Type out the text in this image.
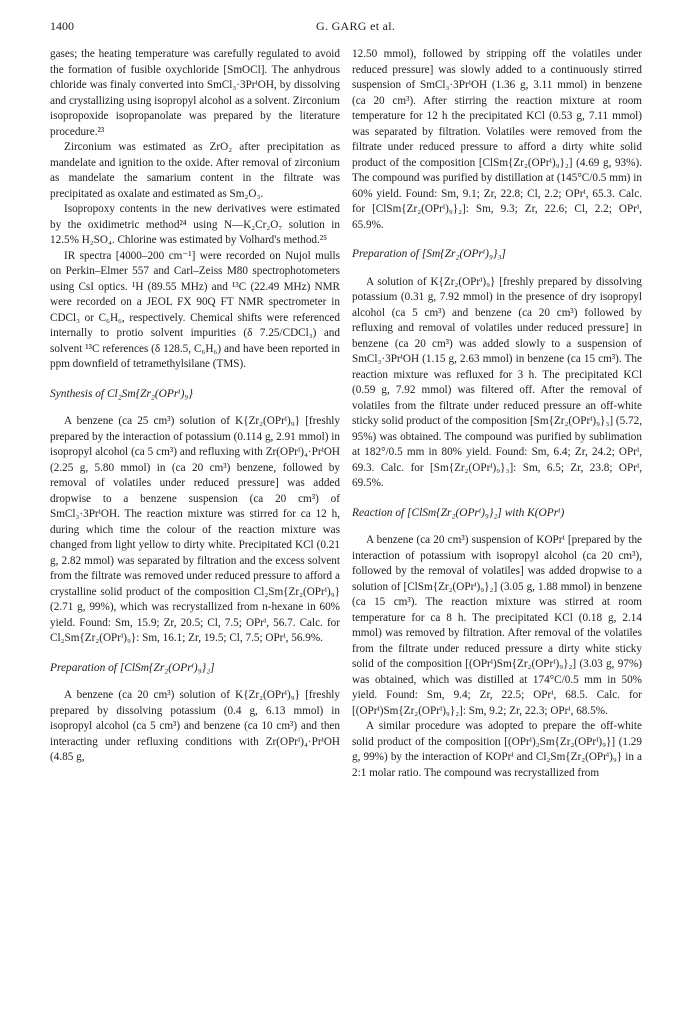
1400	G. GARG et al.

gases; the heating temperature was carefully regulated to avoid the formation of fusible oxychloride [SmOCl]. The anhydrous chloride was finaly converted into SmCl₃·3PrⁱOH, by dissolving and crystallizing using isopropyl alcohol as a solvent. Zirconium isopropoxide isopropanolate was prepared by the literature procedure.²³

Zirconium was estimated as ZrO₂ after precipitation as mandelate and ignition to the oxide. After removal of zirconium as mandelate the samarium content in the filtrate was precipitated as oxalate and estimated as Sm₂O₃.

Isopropoxy contents in the new derivatives were estimated by the oxidimetric method²⁴ using N—K₂Cr₂O₇ solution in 12.5% H₂SO₄. Chlorine was estimated by Volhard's method.²⁵

IR spectra [4000–200 cm⁻¹] were recorded on Nujol mulls on Perkin–Elmer 557 and Carl–Zeiss M80 spectrophotometers using CsI optics. ¹H (89.55 MHz) and ¹³C (22.49 MHz) NMR were recorded on a JEOL FX 90Q FT NMR spectrometer in CDCl₃ or C₆H₆, respectively. Chemical shifts were referenced internally to protio solvent impurities (δ 7.25/CDCl₃) and solvent ¹³C references (δ 128.5, C₆H₆) and have been reported in ppm downfield of tetramethylsilane (TMS).

Synthesis of Cl₂Sm{Zr₂(OPrⁱ)₉}

A benzene (ca 25 cm³) solution of K{Zr₂(OPrⁱ)₉} [freshly prepared by the interaction of potassium (0.114 g, 2.91 mmol) in isopropyl alcohol (ca 5 cm³) and refluxing with Zr(OPrⁱ)₄·PrⁱOH (2.25 g, 5.80 mmol) in (ca 20 cm³) benzene, followed by removal of volatiles under reduced pressure] was added dropwise to a benzene suspension (ca 20 cm³) of SmCl₃·3PrⁱOH. The reaction mixture was stirred for ca 12 h, during which time the colour of the reaction mixture was changed from light yellow to dirty white. Precipitated KCl (0.21 g, 2.82 mmol) was separated by filtration and the excess solvent from the filtrate was removed under reduced pressure to afford a crystalline solid product of the composition Cl₂Sm{Zr₂(OPrⁱ)₉} (2.71 g, 99%), which was recrystallized from n-hexane in 60% yield. Found: Sm, 15.9; Zr, 20.5; Cl, 7.5; OPrⁱ, 56.7. Calc. for Cl₂Sm{Zr₂(OPrⁱ)₉}: Sm, 16.1; Zr, 19.5; Cl, 7.5; OPrⁱ, 56.9%.

Preparation of [ClSm{Zr₂(OPrⁱ)₉}₂]

A benzene (ca 20 cm³) solution of K{Zr₂(OPrⁱ)₉} [freshly prepared by dissolving potassium (0.4 g, 6.13 mmol) in isopropyl alcohol (ca 5 cm³) and benzene (ca 10 cm³) and then interacting under refluxing conditions with Zr(OPrⁱ)₄·PrⁱOH (4.85 g,

12.50 mmol), followed by stripping off the volatiles under reduced pressure] was slowly added to a continuously stirred suspension of SmCl₃·3PrⁱOH (1.36 g, 3.11 mmol) in benzene (ca 20 cm³). After stirring the reaction mixture at room temperature for 12 h the precipitated KCl (0.53 g, 7.11 mmol) was separated by filtration. Volatiles were removed from the filtrate under reduced pressure to afford a dirty white solid product of the composition [ClSm{Zr₂(OPrⁱ)₉}₂] (4.69 g, 93%). The compound was purified by distillation at (145°C/0.5 mm) in 60% yield. Found: Sm, 9.1; Zr, 22.8; Cl, 2.2; OPrⁱ, 65.3. Calc. for [ClSm{Zr₂(OPrⁱ)₉}₂]: Sm, 9.3; Zr, 22.6; Cl, 2.2; OPrⁱ, 65.9%.

Preparation of [Sm{Zr₂(OPrⁱ)₉}₃]

A solution of K{Zr₂(OPrⁱ)₉} [freshly prepared by dissolving potassium (0.31 g, 7.92 mmol) in the presence of dry isopropyl alcohol (ca 5 cm³) and benzene (ca 20 cm³) followed by refluxing and removal of volatiles under reduced pressure] in benzene (ca 20 cm³) was added slowly to a suspension of SmCl₃·3PrⁱOH (1.15 g, 2.63 mmol) in benzene (ca 15 cm³). The reaction mixture was refluxed for 3 h. The precipitated KCl (0.59 g, 7.92 mmol) was filtered off. After the removal of volatiles from the filtrate under reduced pressure an off-white sticky solid product of the composition [Sm{Zr₂(OPrⁱ)₉}₃] (5.72, 95%) was obtained. The compound was purified by sublimation at 182°/0.5 mm in 80% yield. Found: Sm, 6.4; Zr, 24.2; OPrⁱ, 69.3. Calc. for [Sm{Zr₂(OPrⁱ)₉}₃]: Sm, 6.5; Zr, 23.8; OPrⁱ, 69.5%.

Reaction of [ClSm{Zr₂(OPrⁱ)₉}₂] with K(OPrⁱ)

A benzene (ca 20 cm³) suspension of KOPrⁱ [prepared by the interaction of potassium with isopropyl alcohol (ca 20 cm³), followed by the removal of volatiles] was added dropwise to a solution of [ClSm{Zr₂(OPrⁱ)₉}₂] (3.05 g, 1.88 mmol) in benzene (ca 15 cm³). The reaction mixture was stirred at room temperature for ca 8 h. The precipitated KCl (0.18 g, 2.14 mmol) was removed by filtration. After removal of the volatiles from the filtrate under reduced pressure a dirty white sticky solid of the composition [(OPrⁱ)Sm{Zr₂(OPrⁱ)₉}₂] (3.03 g, 97%) was obtained, which was distilled at 174°C/0.5 mm in 50% yield. Found: Sm, 9.4; Zr, 22.5; OPrⁱ, 68.5. Calc. for [(OPrⁱ)Sm{Zr₂(OPrⁱ)₉}₂]: Sm, 9.2; Zr, 22.3; OPrⁱ, 68.5%.

A similar procedure was adopted to prepare the off-white solid product of the composition [(OPrⁱ)₂Sm{Zr₂(OPrⁱ)₉}] (1.29 g, 99%) by the interaction of KOPrⁱ and Cl₂Sm{Zr₂(OPrⁱ)₉} in a 2:1 molar ratio. The compound was recrystallized from
